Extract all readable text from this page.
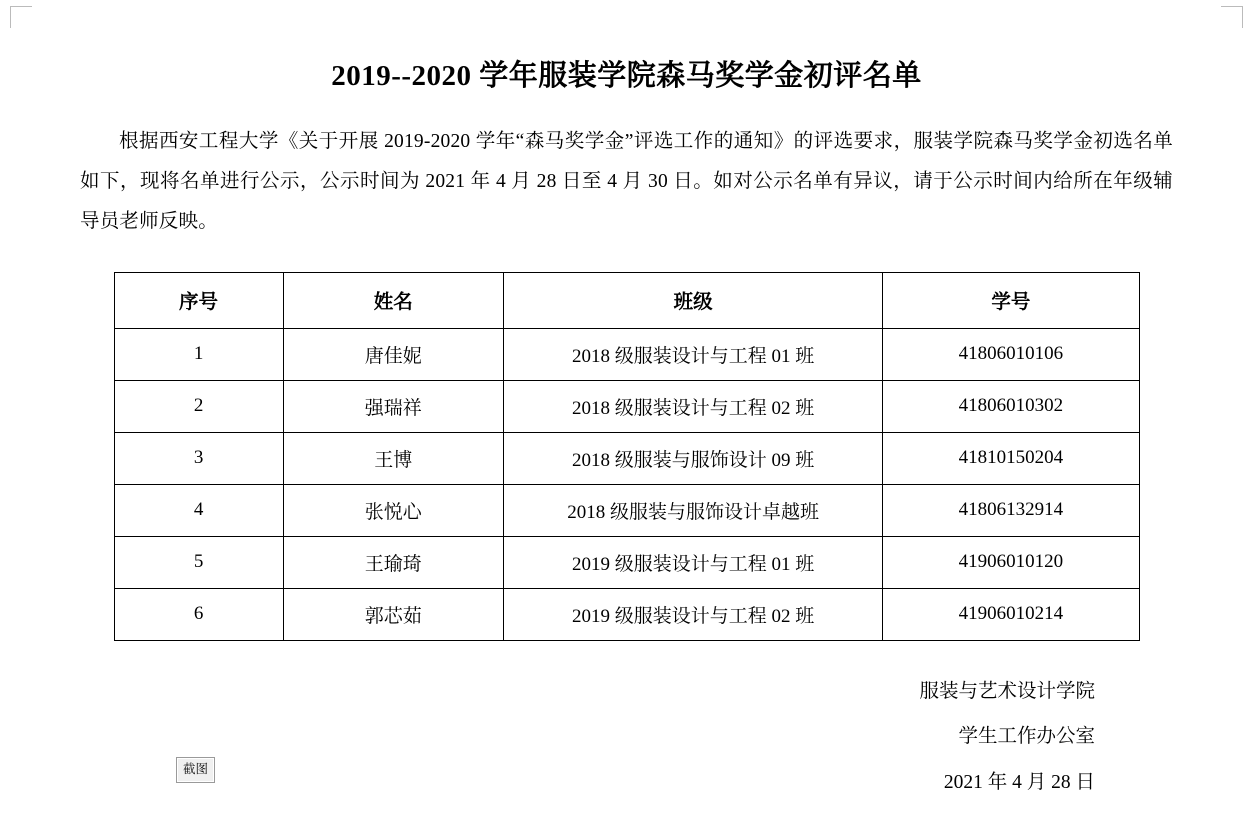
2019--2020 学年服装学院森马奖学金初评名单
根据西安工程大学《关于开展 2019-2020 学年“森马奖学金”评选工作的通知》的评选要求，服装学院森马奖学金初选名单如下，现将名单进行公示，公示时间为 2021 年 4 月 28 日至 4 月 30 日。如对公示名单有异议，请于公示时间内给所在年级辅导员老师反映。
序号	姓名	班级	学号
1	唐佳妮	2018 级服装设计与工程 01 班	41806010106
2	强瑞祥	2018 级服装设计与工程 02 班	41806010302
3	王博	2018 级服装与服饰设计 09 班	41810150204
4	张悦心	2018 级服装与服饰设计卓越班	41806132914
5	王瑜琦	2019 级服装设计与工程 01 班	41906010120
6	郭芯茹	2019 级服装设计与工程 02 班	41906010214
服装与艺术设计学院
学生工作办公室
2021 年 4 月 28 日
截图
